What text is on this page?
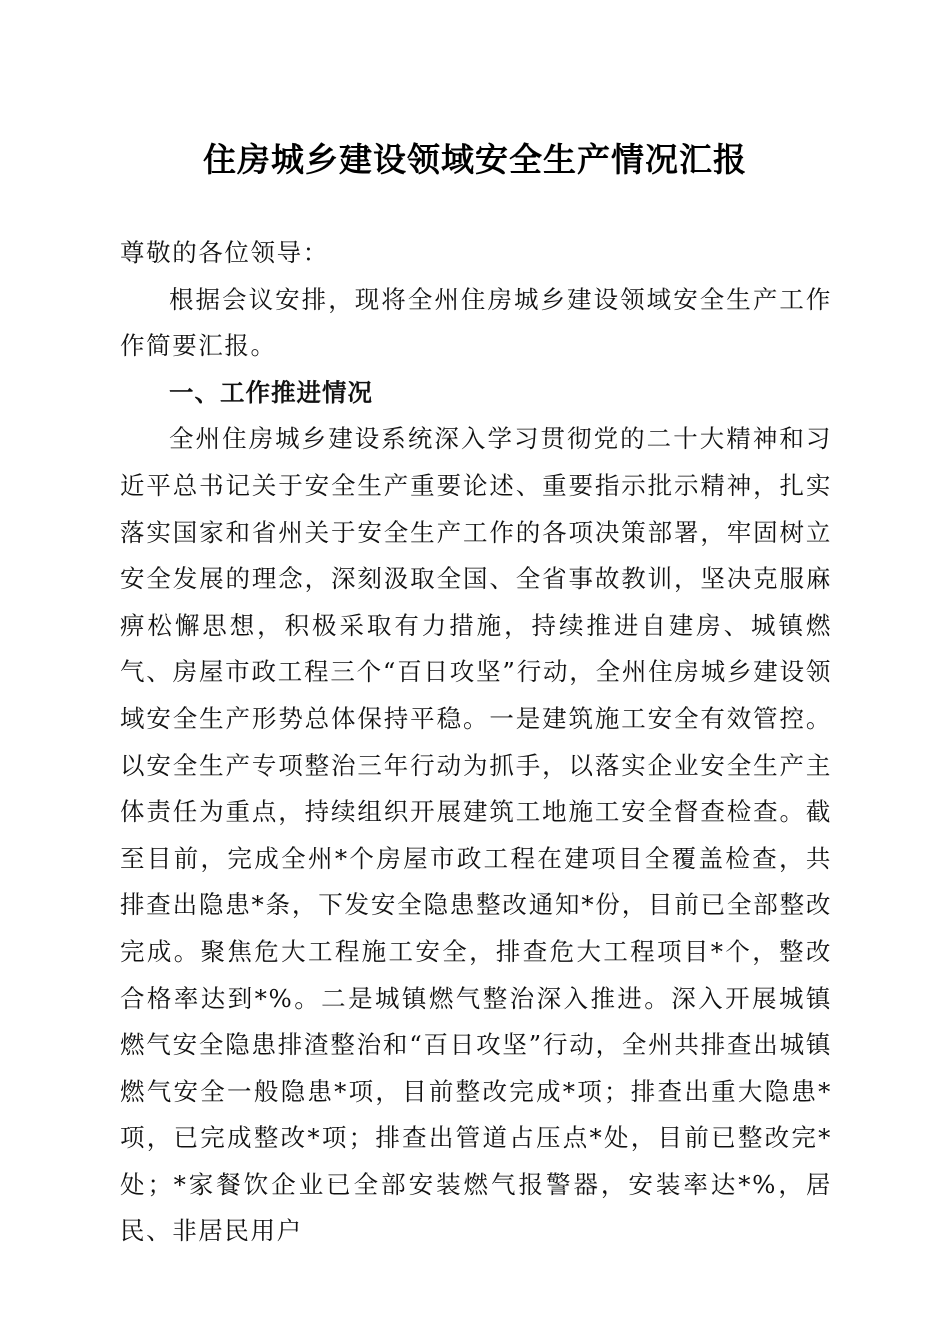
住房城乡建设领域安全生产情况汇报

尊敬的各位领导：

根据会议安排，现将全州住房城乡建设领域安全生产工作作简要汇报。

一、工作推进情况

全州住房城乡建设系统深入学习贯彻党的二十大精神和习近平总书记关于安全生产重要论述、重要指示批示精神，扎实落实国家和省州关于安全生产工作的各项决策部署，牢固树立安全发展的理念，深刻汲取全国、全省事故教训，坚决克服麻痹松懈思想，积极采取有力措施，持续推进自建房、城镇燃气、房屋市政工程三个“百日攻坚”行动，全州住房城乡建设领域安全生产形势总体保持平稳。一是建筑施工安全有效管控。以安全生产专项整治三年行动为抓手，以落实企业安全生产主体责任为重点，持续组织开展建筑工地施工安全督查检查。截至目前，完成全州*个房屋市政工程在建项目全覆盖检查，共排查出隐患*条，下发安全隐患整改通知*份，目前已全部整改完成。聚焦危大工程施工安全，排查危大工程项目*个，整改合格率达到*%。二是城镇燃气整治深入推进。深入开展城镇燃气安全隐患排渣整治和“百日攻坚”行动，全州共排查出城镇燃气安全一般隐患*项，目前整改完成*项；排查出重大隐患*项，已完成整改*项；排查出管道占压点*处，目前已整改完*处；*家餐饮企业已全部安装燃气报警器，安装率达*%，居民、非居民用户
